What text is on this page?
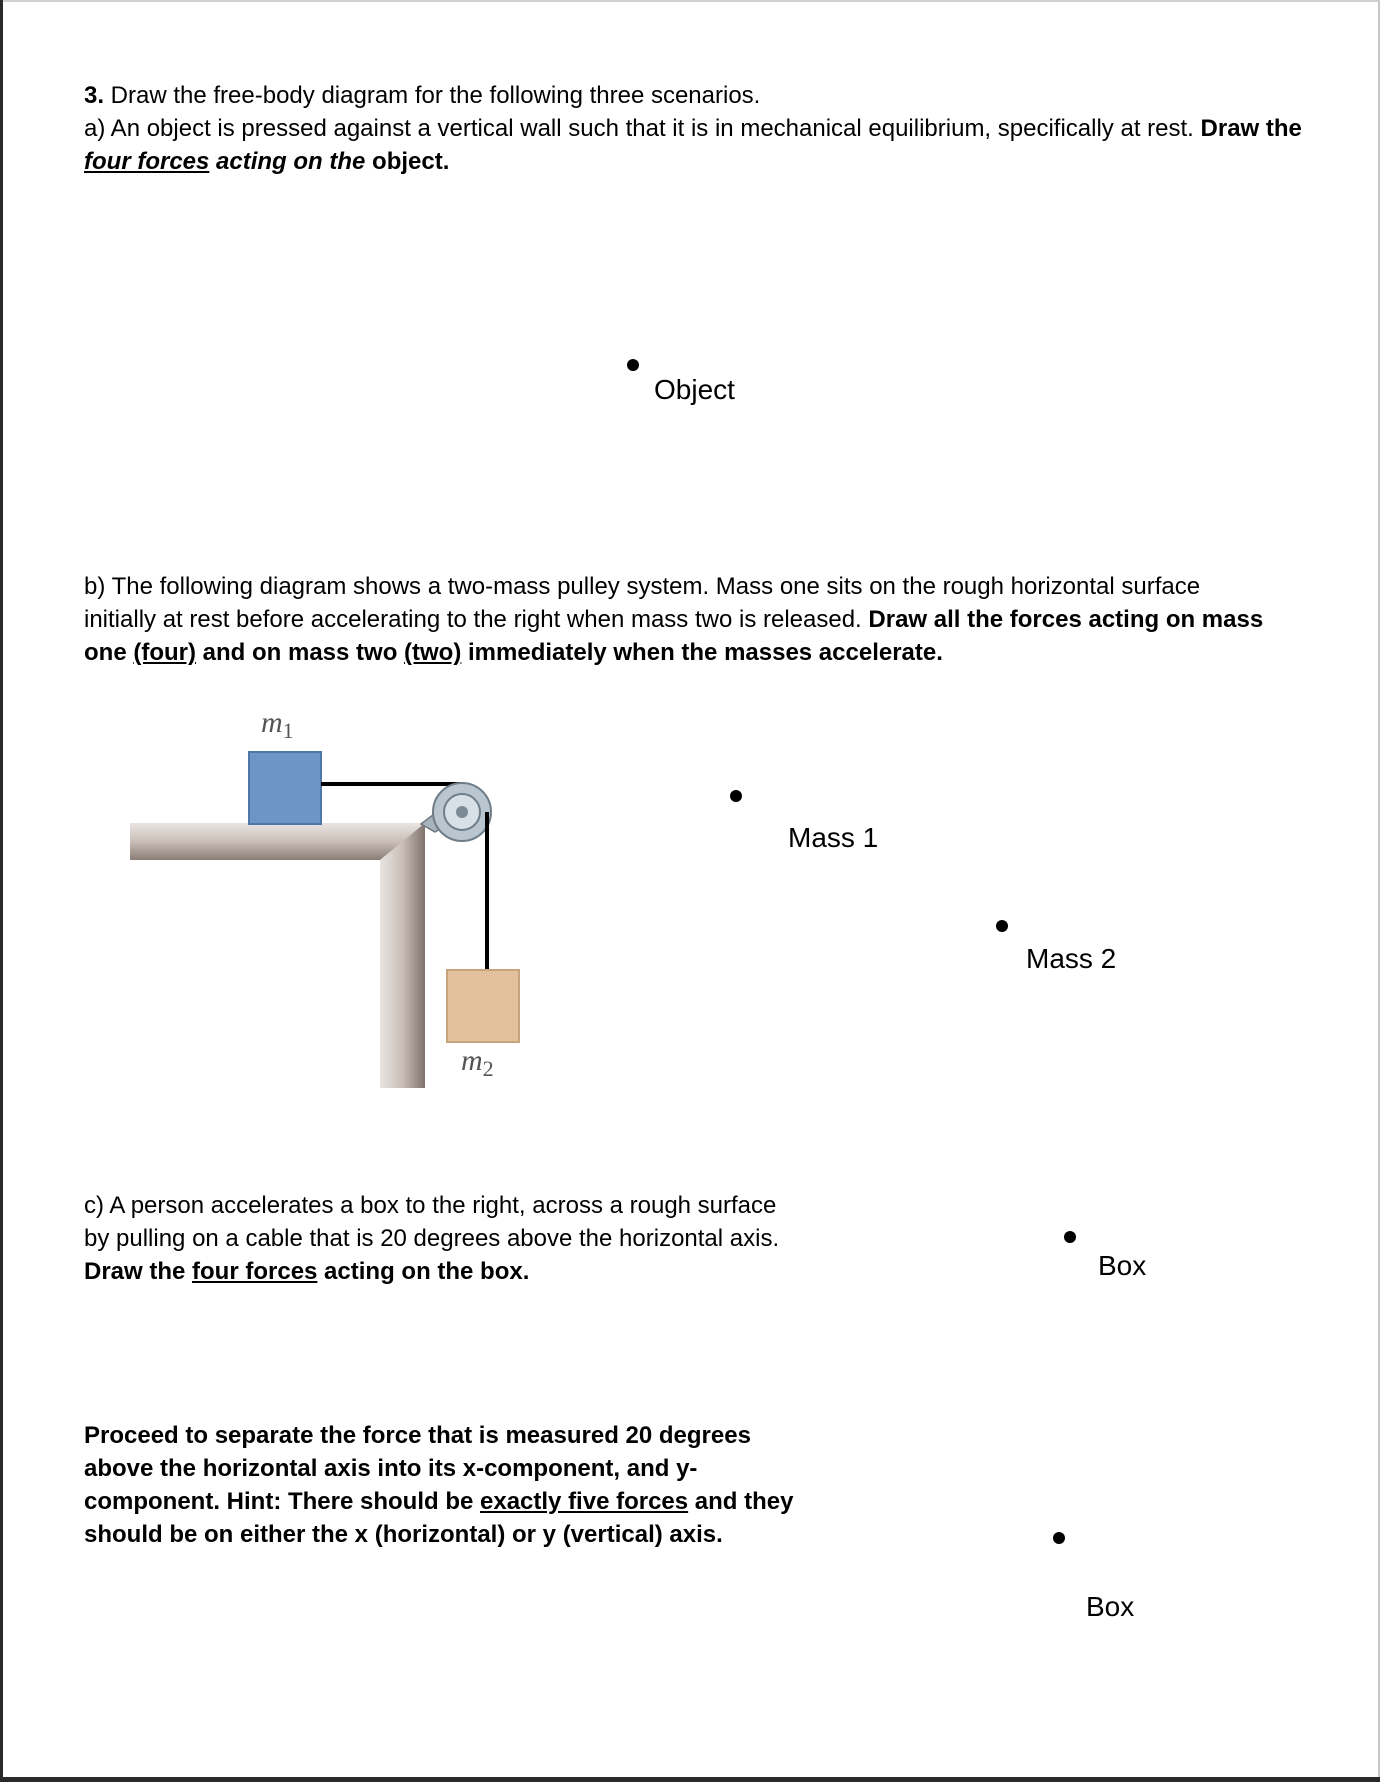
3. Draw the free-body diagram for the following three scenarios.

a) An object is pressed against a vertical wall such that it is in mechanical equilibrium, specifically at rest. Draw the four forces acting on the object.

Object

b) The following diagram shows a two-mass pulley system. Mass one sits on the rough horizontal surface initially at rest before accelerating to the right when mass two is released. Draw all the forces acting on mass one (four) and on mass two (two) immediately when the masses accelerate.

$m_1$
$m_2$
Mass 1
Mass 2

c) A person accelerates a box to the right, across a rough surface

by pulling on a cable that is 20 degrees above the horizontal axis.

Draw the four forces acting on the box.	Box

Proceed to separate the force that is measured 20 degrees above the horizontal axis into its x-component, and y-component. Hint: There should be exactly five forces and they should be on either the x (horizontal) or y (vertical) axis.

Box
